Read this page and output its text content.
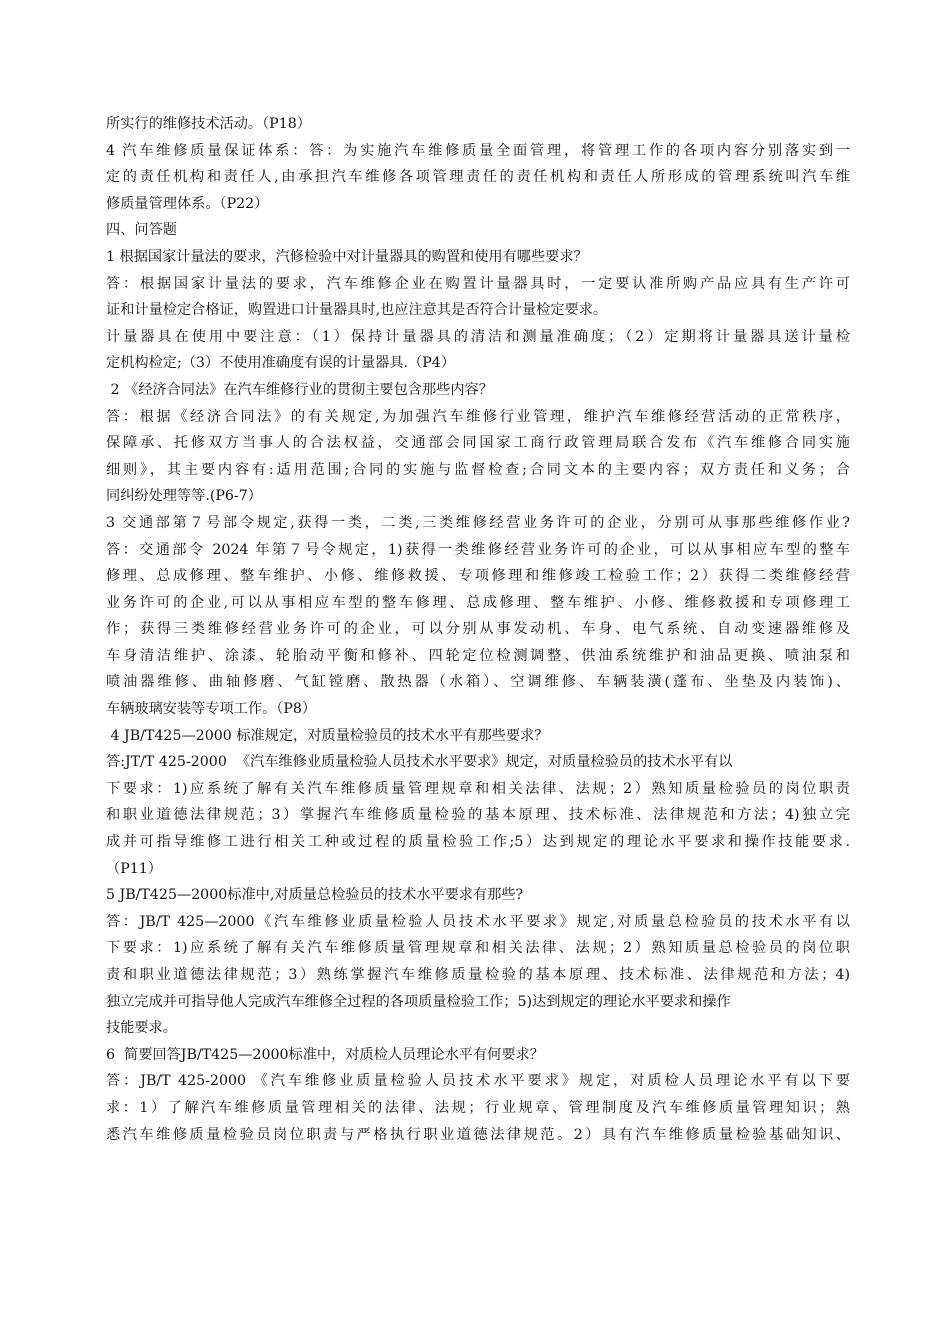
所实行的维修技术活动。（P18）
4 汽车维修质量保证体系：答：为实施汽车维修质量全面管理，将管理工作的各项内容分别落实到一
定的责任机构和责任人,由承担汽车维修各项管理责任的责任机构和责任人所形成的管理系统叫汽车维
修质量管理体系。（P22）
四、问答题
1 根据国家计量法的要求，汽修检验中对计量器具的购置和使用有哪些要求？
答：根据国家计量法的要求，汽车维修企业在购置计量器具时，一定要认准所购产品应具有生产许可
证和计量检定合格证，购置进口计量器具时,也应注意其是否符合计量检定要求。
计量器具在使用中要注意：（1）保持计量器具的清洁和测量准确度；（2）定期将计量器具送计量检
定机构检定;（3）不使用准确度有误的计量器具.（P4）
2 《经济合同法》在汽车维修行业的贯彻主要包含那些内容？
答：根据《经济合同法》的有关规定,为加强汽车维修行业管理，维护汽车维修经营活动的正常秩序，
保障承、托修双方当事人的合法权益，交通部会同国家工商行政管理局联合发布《汽车维修合同实施
细则》，其主要内容有:适用范围;合同的实施与监督检查;合同文本的主要内容；双方责任和义务；合
同纠纷处理等等.(P6-7）
3 交通部第７号部令规定,获得一类，二类,三类维修经营业务许可的企业，分别可从事那些维修作业?
答：交通部令 2024 年第７号令规定，1)获得一类维修经营业务许可的企业，可以从事相应车型的整车
修理、总成修理、整车维护、小修、维修救援、专项修理和维修竣工检验工作；2）获得二类维修经营
业务许可的企业,可以从事相应车型的整车修理、总成修理、整车维护、小修、维修救援和专项修理工
作；获得三类维修经营业务许可的企业，可以分别从事发动机、车身、电气系统、自动变速器维修及
车身清洁维护、涂漆、轮胎动平衡和修补、四轮定位检测调整、供油系统维护和油品更换、喷油泵和
喷油器维修、曲轴修磨、气缸镗磨、散热器（水箱）、空调维修、车辆装潢(蓬布、坐垫及内装饰)、
车辆玻璃安装等专项工作。（P8）
4 JB/T425—2000 标准规定，对质量检验员的技术水平有那些要求？
答:JT/T 425-2000  《汽车维修业质量检验人员技术水平要求》规定，对质量检验员的技术水平有以
下要求：1)应系统了解有关汽车维修质量管理规章和相关法律、法规；2）熟知质量检验员的岗位职责
和职业道德法律规范；3）掌握汽车维修质量检验的基本原理、技术标准、法律规范和方法；4)独立完
成并可指导维修工进行相关工种或过程的质量检验工作;5）达到规定的理论水平要求和操作技能要求.
（P11）
5 JB/T425—2000标准中,对质量总检验员的技术水平要求有那些?
答：JB/T 425—2000《汽车维修业质量检验人员技术水平要求》规定,对质量总检验员的技术水平有以
下要求：1)应系统了解有关汽车维修质量管理规章和相关法律、法规；2）熟知质量总检验员的岗位职
责和职业道德法律规范；3）熟练掌握汽车维修质量检验的基本原理、技术标准、法律规范和方法；4)
独立完成并可指导他人完成汽车维修全过程的各项质量检验工作；5)达到规定的理论水平要求和操作
技能要求。
6  简要回答JB/T425—2000标准中，对质检人员理论水平有何要求？
答：JB/T 425-2000 《汽车维修业质量检验人员技术水平要求》规定，对质检人员理论水平有以下要
求：1）了解汽车维修质量管理相关的法律、法规；行业规章、管理制度及汽车维修质量管理知识；熟
悉汽车维修质量检验员岗位职责与严格执行职业道德法律规范。2）具有汽车维修质量检验基础知识、
